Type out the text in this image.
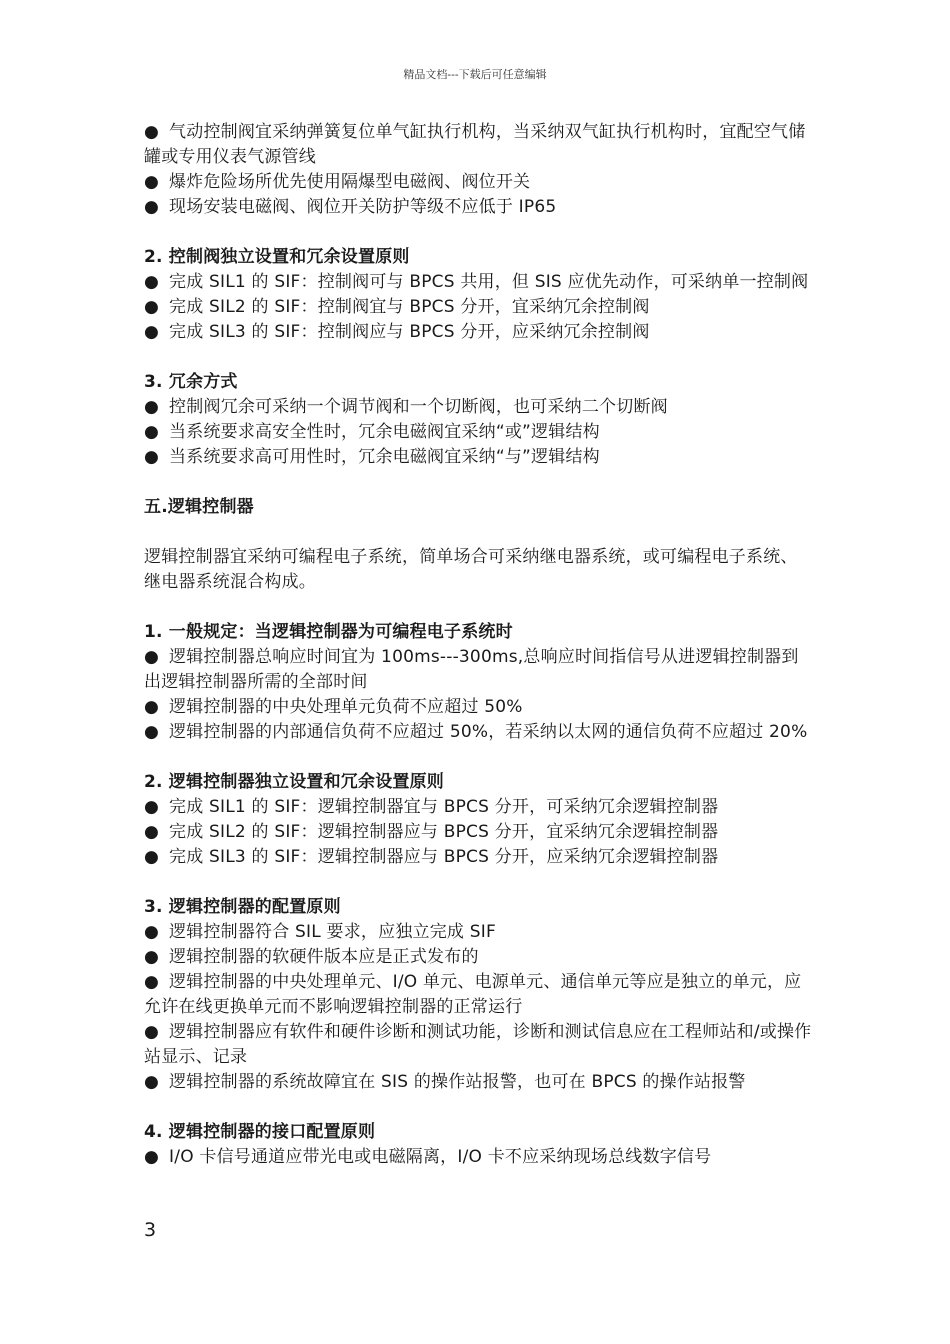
精品文档---下载后可任意编辑

● 气动控制阀宜采纳弹簧复位单气缸执行机构，当采纳双气缸执行机构时，宜配空气储罐或专用仪表气源管线

● 爆炸危险场所优先使用隔爆型电磁阀、阀位开关

● 现场安装电磁阀、阀位开关防护等级不应低于 IP65

2. 控制阀独立设置和冗余设置原则

● 完成 SIL1 的 SIF：控制阀可与 BPCS 共用，但 SIS 应优先动作，可采纳单一控制阀

● 完成 SIL2 的 SIF：控制阀宜与 BPCS 分开，宜采纳冗余控制阀

● 完成 SIL3 的 SIF：控制阀应与 BPCS 分开，应采纳冗余控制阀

3. 冗余方式

● 控制阀冗余可采纳一个调节阀和一个切断阀，也可采纳二个切断阀

● 当系统要求高安全性时，冗余电磁阀宜采纳“或”逻辑结构

● 当系统要求高可用性时，冗余电磁阀宜采纳“与”逻辑结构

五.逻辑控制器

逻辑控制器宜采纳可编程电子系统，简单场合可采纳继电器系统，或可编程电子系统、继电器系统混合构成。

1. 一般规定：当逻辑控制器为可编程电子系统时

● 逻辑控制器总响应时间宜为 100ms---300ms,总响应时间指信号从进逻辑控制器到出逻辑控制器所需的全部时间

● 逻辑控制器的中央处理单元负荷不应超过 50%

● 逻辑控制器的内部通信负荷不应超过 50%，若采纳以太网的通信负荷不应超过 20%

2. 逻辑控制器独立设置和冗余设置原则

● 完成 SIL1 的 SIF：逻辑控制器宜与 BPCS 分开，可采纳冗余逻辑控制器

● 完成 SIL2 的 SIF：逻辑控制器应与 BPCS 分开，宜采纳冗余逻辑控制器

● 完成 SIL3 的 SIF：逻辑控制器应与 BPCS 分开，应采纳冗余逻辑控制器

3. 逻辑控制器的配置原则

● 逻辑控制器符合 SIL 要求，应独立完成 SIF

● 逻辑控制器的软硬件版本应是正式发布的

● 逻辑控制器的中央处理单元、I/O 单元、电源单元、通信单元等应是独立的单元，应允许在线更换单元而不影响逻辑控制器的正常运行

● 逻辑控制器应有软件和硬件诊断和测试功能，诊断和测试信息应在工程师站和/或操作站显示、记录

● 逻辑控制器的系统故障宜在 SIS 的操作站报警，也可在 BPCS 的操作站报警

4. 逻辑控制器的接口配置原则

● I/O 卡信号通道应带光电或电磁隔离，I/O 卡不应采纳现场总线数字信号

3
